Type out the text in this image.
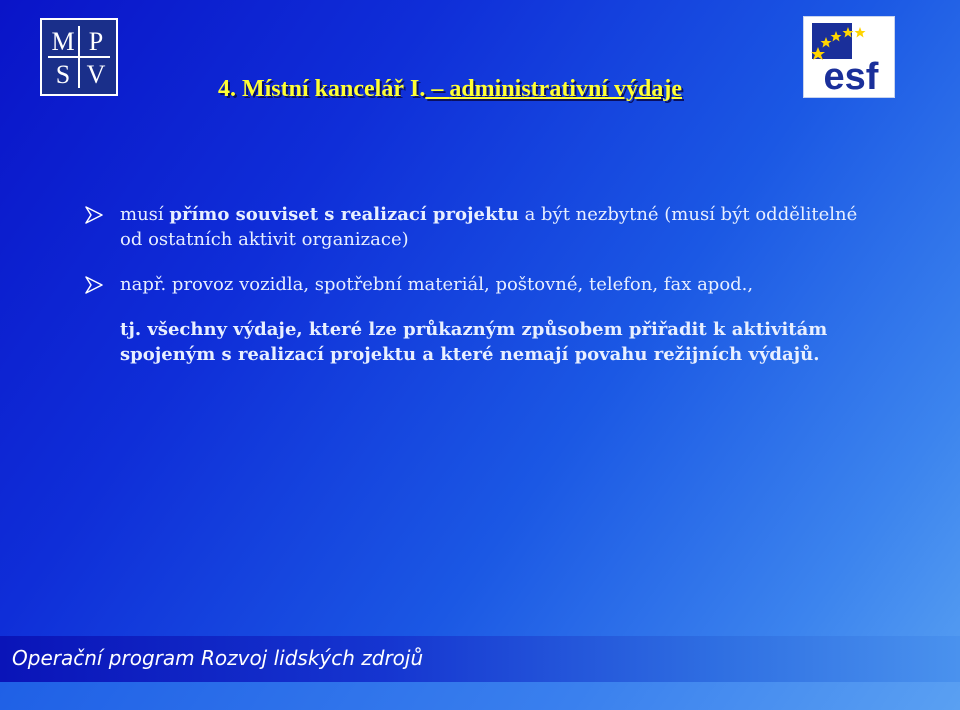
M P
S V	esf
4. Místní kancelář I. – administrativní výdaje
musí přímo souviset s realizací projektu a být nezbytné (musí být oddělitelné od ostatních aktivit organizace)
např. provoz vozidla, spotřební materiál, poštovné, telefon, fax apod.,
tj. všechny výdaje, které lze průkazným způsobem přiřadit k aktivitám spojeným s realizací projektu a které nemají povahu režijních výdajů.
Operační program Rozvoj lidských zdrojů
